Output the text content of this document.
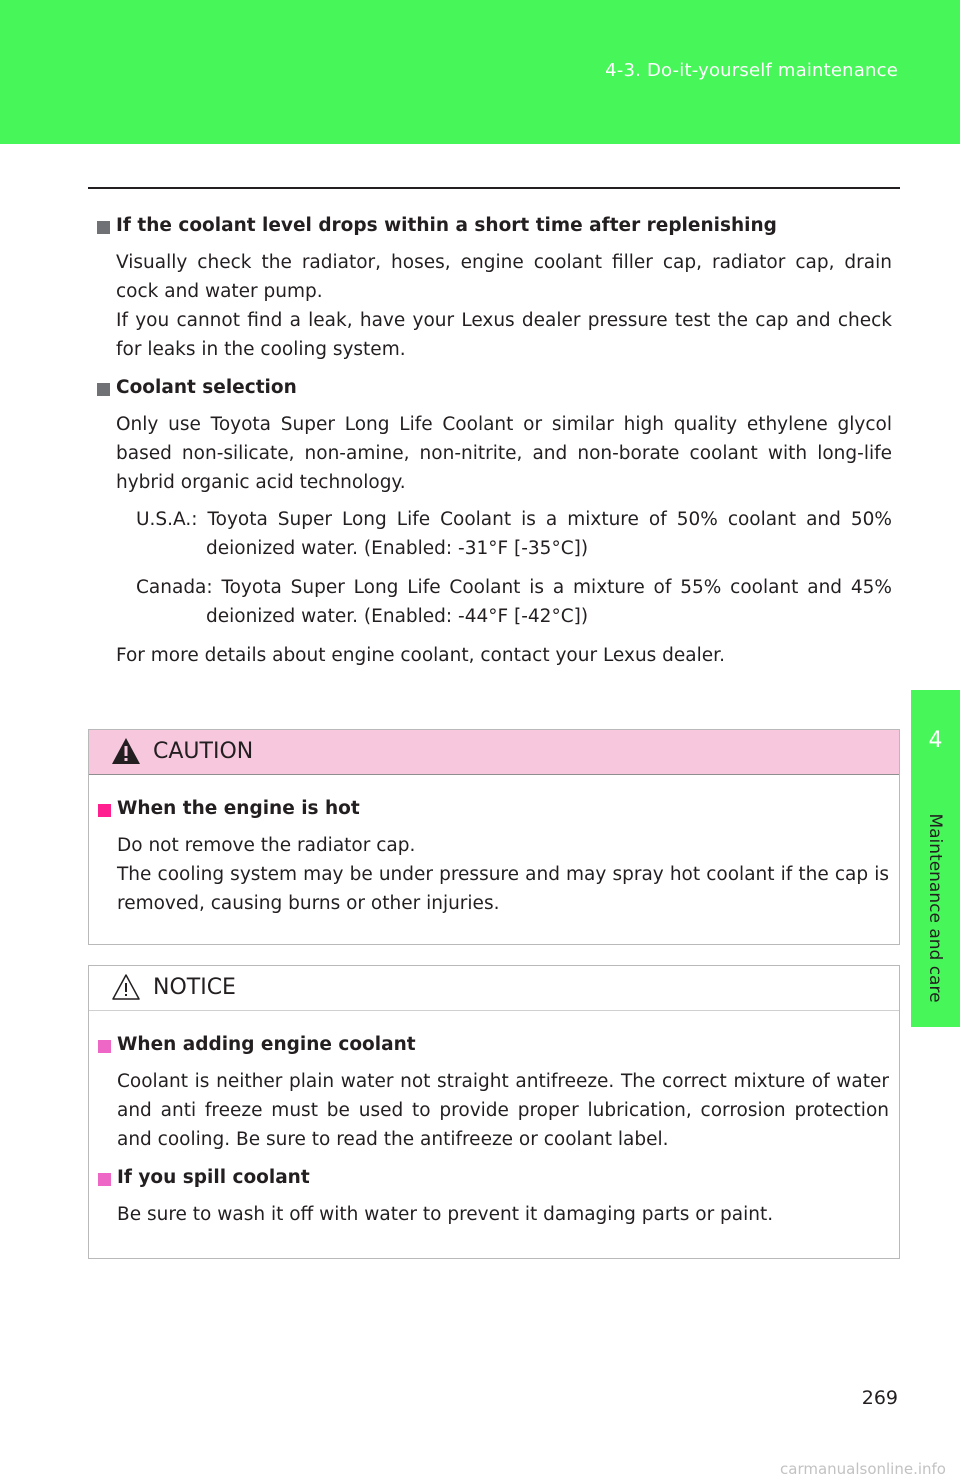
4-3. Do-it-yourself maintenance
4
Maintenance and care
If the coolant level drops within a short time after replenishing
Visually check the radiator, hoses, engine coolant filler cap, radiator cap, drain cock and water pump.
If you cannot find a leak, have your Lexus dealer pressure test the cap and check for leaks in the cooling system.
Coolant selection
Only use Toyota Super Long Life Coolant or similar high quality ethylene glycol based non-silicate, non-amine, non-nitrite, and non-borate coolant with long-life hybrid organic acid technology.
U.S.A.: Toyota Super Long Life Coolant is a mixture of 50% coolant and 50% deionized water. (Enabled: -31°F [-35°C])
Canada: Toyota Super Long Life Coolant is a mixture of 55% coolant and 45% deionized water. (Enabled: -44°F [-42°C])
For more details about engine coolant, contact your Lexus dealer.
CAUTION
When the engine is hot
Do not remove the radiator cap.
The cooling system may be under pressure and may spray hot coolant if the cap is removed, causing burns or other injuries.
NOTICE
When adding engine coolant
Coolant is neither plain water not straight antifreeze. The correct mixture of water and anti freeze must be used to provide proper lubrication, corrosion protection and cooling. Be sure to read the antifreeze or coolant label.
If you spill coolant
Be sure to wash it off with water to prevent it damaging parts or paint.
269
carmanualsonline.info
